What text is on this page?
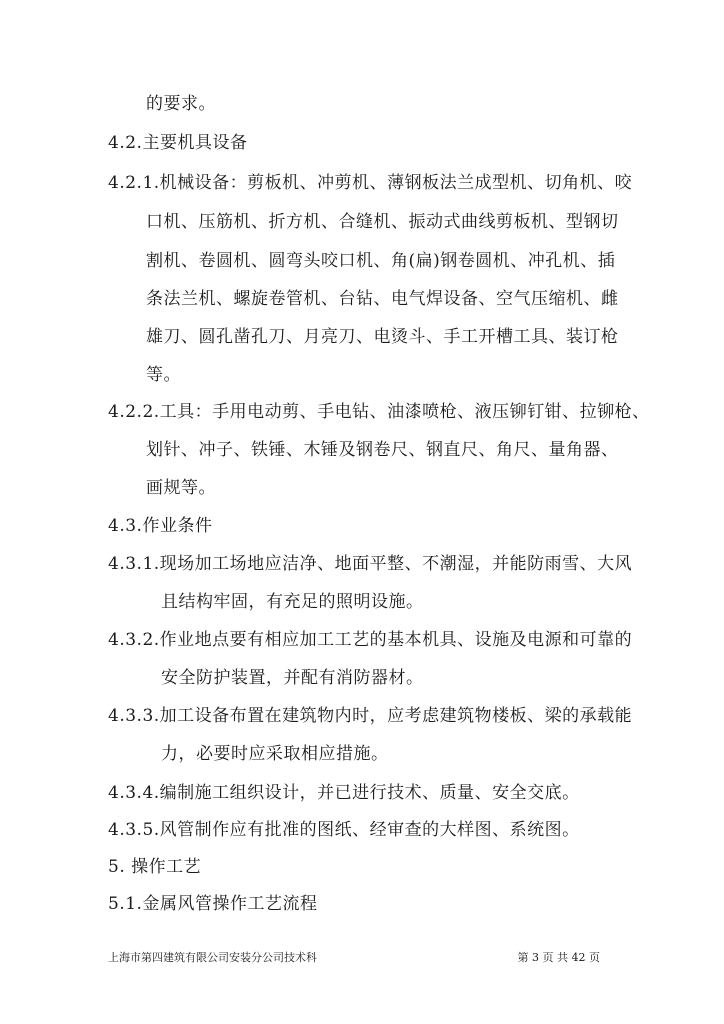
的要求。
4.2.主要机具设备
4.2.1.机械设备：剪板机、冲剪机、薄钢板法兰成型机、切角机、咬
口机、压筋机、折方机、合缝机、振动式曲线剪板机、型钢切
割机、卷圆机、圆弯头咬口机、角(扁)钢卷圆机、冲孔机、插
条法兰机、螺旋卷管机、台钻、电气焊设备、空气压缩机、雌
雄刀、圆孔凿孔刀、月亮刀、电烫斗、手工开槽工具、装订枪
等。
4.2.2.工具：手用电动剪、手电钻、油漆喷枪、液压铆钉钳、拉铆枪、
划针、冲子、铁锤、木锤及钢卷尺、钢直尺、角尺、量角器、
画规等。
4.3.作业条件
4.3.1.现场加工场地应洁净、地面平整、不潮湿，并能防雨雪、大风
且结构牢固，有充足的照明设施。
4.3.2.作业地点要有相应加工工艺的基本机具、设施及电源和可靠的
安全防护装置，并配有消防器材。
4.3.3.加工设备布置在建筑物内时，应考虑建筑物楼板、梁的承载能
力，必要时应采取相应措施。
4.3.4.编制施工组织设计，并已进行技术、质量、安全交底。
4.3.5.风管制作应有批准的图纸、经审查的大样图、系统图。
5. 操作工艺
5.1.金属风管操作工艺流程
上海市第四建筑有限公司安装分公司技术科	第 3 页 共 42 页
